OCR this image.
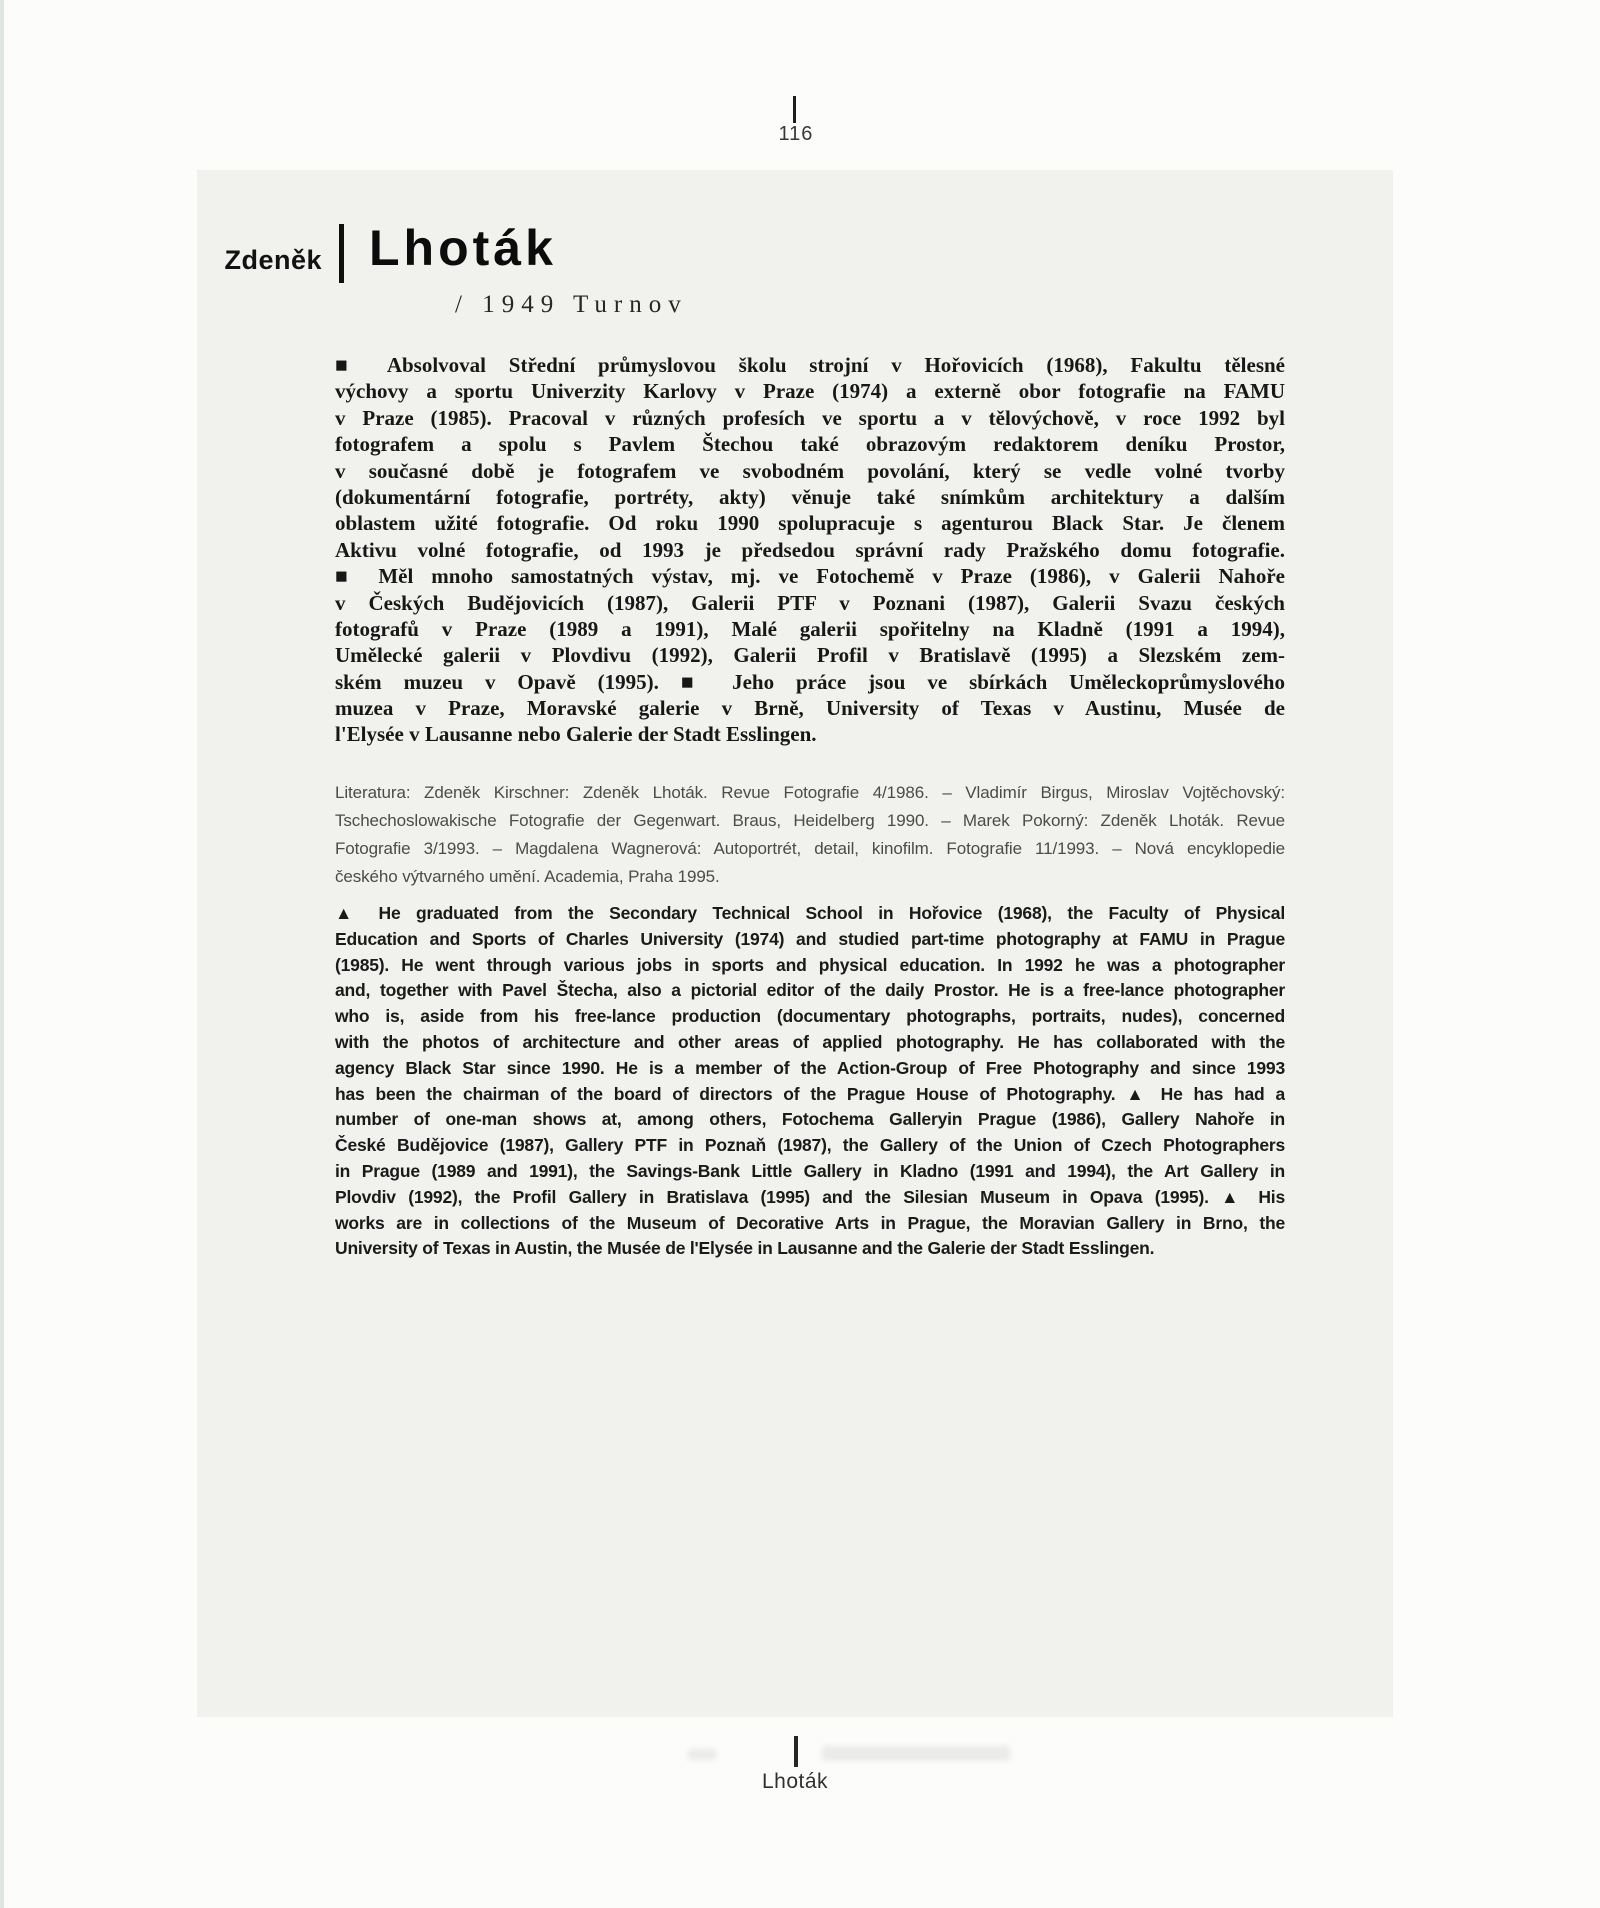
116
Zdeněk Lhoták
/ 1949 Turnov
■ Absolvoval Střední průmyslovou školu strojní v Hořovicích (1968), Fakultu tělesné
výchovy a sportu Univerzity Karlovy v Praze (1974) a externě obor fotografie na FAMU
v Praze (1985). Pracoval v různých profesích ve sportu a v tělovýchově, v roce 1992 byl
fotografem a spolu s Pavlem Štechou také obrazovým redaktorem deníku Prostor,
v současné době je fotografem ve svobodném povolání, který se vedle volné tvorby
(dokumentární fotografie, portréty, akty) věnuje také snímkům architektury a dalším
oblastem užité fotografie. Od roku 1990 spolupracuje s agenturou Black Star. Je členem
Aktivu volné fotografie, od 1993 je předsedou správní rady Pražského domu fotografie.
■ Měl mnoho samostatných výstav, mj. ve Fotochemě v Praze (1986), v Galerii Nahoře
v Českých Budějovicích (1987), Galerii PTF v Poznani (1987), Galerii Svazu českých
fotografů v Praze (1989 a 1991), Malé galerii spořitelny na Kladně (1991 a 1994),
Umělecké galerii v Plovdivu (1992), Galerii Profil v Bratislavě (1995) a Slezském zem-
ském muzeu v Opavě (1995). ■ Jeho práce jsou ve sbírkách Uměleckoprůmyslového
muzea v Praze, Moravské galerie v Brně, University of Texas v Austinu, Musée de
l'Elysée v Lausanne nebo Galerie der Stadt Esslingen.
Literatura: Zdeněk Kirschner: Zdeněk Lhoták. Revue Fotografie 4/1986. – Vladimír Birgus, Miroslav Vojtěchovský:
Tschechoslowakische Fotografie der Gegenwart. Braus, Heidelberg 1990. – Marek Pokorný: Zdeněk Lhoták. Revue
Fotografie 3/1993. – Magdalena Wagnerová: Autoportrét, detail, kinofilm. Fotografie 11/1993. – Nová encyklopedie
českého výtvarného umění. Academia, Praha 1995.
▲ He graduated from the Secondary Technical School in Hořovice (1968), the Faculty of Physical
Education and Sports of Charles University (1974) and studied part-time photography at FAMU in Prague
(1985). He went through various jobs in sports and physical education. In 1992 he was a photographer
and, together with Pavel Štecha, also a pictorial editor of the daily Prostor. He is a free-lance photographer
who is, aside from his free-lance production (documentary photographs, portraits, nudes), concerned
with the photos of architecture and other areas of applied photography. He has collaborated with the
agency Black Star since 1990. He is a member of the Action-Group of Free Photography and since 1993
has been the chairman of the board of directors of the Prague House of Photography. ▲ He has had a
number of one-man shows at, among others, Fotochema Galleryin Prague (1986), Gallery Nahoře in
České Budějovice (1987), Gallery PTF in Poznaň (1987), the Gallery of the Union of Czech Photographers
in Prague (1989 and 1991), the Savings-Bank Little Gallery in Kladno (1991 and 1994), the Art Gallery in
Plovdiv (1992), the Profil Gallery in Bratislava (1995) and the Silesian Museum in Opava (1995). ▲ His
works are in collections of the Museum of Decorative Arts in Prague, the Moravian Gallery in Brno, the
University of Texas in Austin, the Musée de l'Elysée in Lausanne and the Galerie der Stadt Esslingen.
Lhoták
